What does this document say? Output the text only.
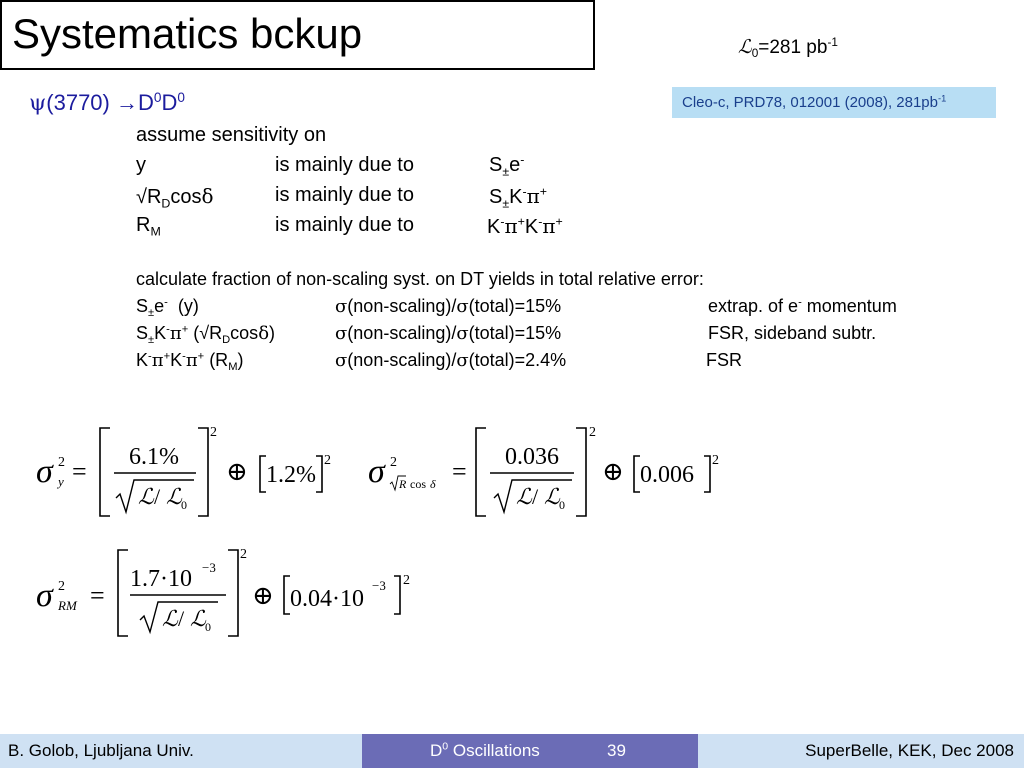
Systematics bckup	ℒ$_0$=281 $pb^{-1}$
Cleo-c, PRD78, 012001 (2008), $281pb^{-1}$
$\psi(3770) \to D^0D^0$
assume sensitivity on
y	is mainly due to	$S_\pm e^-$
$√R_D\cos\delta$	is mainly due to	$S_\pm K^-\pi^+$
$R_M$	is mainly due to	K-π+K-π+
calculate fraction of non-scaling syst. on DT yields in total relative error:
$S_\pm e^-$  (y)	σ(non-scaling)/σ(total)=15%	extrap. of e- momentum
$S_\pm K^-\pi^+$ $(√R_D\cos\delta)$	σ(non-scaling)/σ(total)=15%	FSR, sideband subtr.
K-π+K-π+ $(R_M)$	σ(non-scaling)/σ(total)=2.4%	FSR
σ 2
y = 6.1%
ℒ / ℒ 0
2
⊕ 1.2%
2 σ 2
R cos δ = 0.036
ℒ / ℒ 0
2
⊕ 0.006
2
σ 2
RM =
1.7·10 −3
ℒ / ℒ 0
2
⊕ 0.04·10
−3 2
B. Golob, Ljubljana Univ.	$D^0$ Oscillations	39	SuperBelle, KEK, Dec 2008
